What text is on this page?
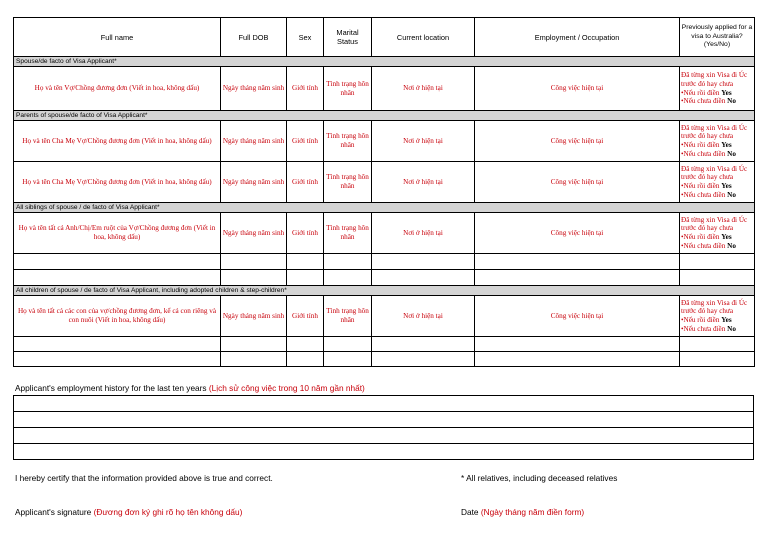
Full name	Full DOB	Sex	Marital Status	Current location	Employment / Occupation	Previously applied for a visa to Australia? (Yes/No)
Spouse/de facto of Visa Applicant*						
Họ và tên Vợ/Chồng đương đơn (Viết in hoa, không dấu)	Ngày tháng năm sinh	Giới tính	Tình trạng hôn nhân	Nơi ở hiện tại	Công việc hiện tại	Đã từng xin Visa đi Úc trước đó hay chưa
•Nếu rồi điền Yes
•Nếu chưa điền No
Parents of spouse/de facto of Visa Applicant*						
Họ và tên Cha Mẹ Vợ/Chồng đương đơn (Viết in hoa, không dấu)	Ngày tháng năm sinh	Giới tính	Tình trạng hôn nhân	Nơi ở hiện tại	Công việc hiện tại	Đã từng xin Visa đi Úc trước đó hay chưa
•Nếu rồi điền Yes
•Nếu chưa điền No
Họ và tên Cha Mẹ Vợ/Chồng đương đơn (Viết in hoa, không dấu)	Ngày tháng năm sinh	Giới tính	Tình trạng hôn nhân	Nơi ở hiện tại	Công việc hiện tại	Đã từng xin Visa đi Úc trước đó hay chưa
•Nếu rồi điền Yes
•Nếu chưa điền No
All siblings of spouse / de facto of Visa Applicant*						
Họ và tên tất cả Anh/Chị/Em ruột của Vợ/Chồng đương đơn (Viết in hoa, không dấu)	Ngày tháng năm sinh	Giới tính	Tình trạng hôn nhân	Nơi ở hiện tại	Công việc hiện tại	Đã từng xin Visa đi Úc trước đó hay chưa
•Nếu rồi điền Yes
•Nếu chưa điền No

All children of spouse / de facto of Visa Applicant, including adopted children & step-children*						
Họ và tên tất cả các con của vợ/chồng đương đơn, kể cả con riêng và con nuôi (Viết in hoa, không dấu)	Ngày tháng năm sinh	Giới tính	Tình trạng hôn nhân	Nơi ở hiện tại	Công việc hiện tại	Đã từng xin Visa đi Úc trước đó hay chưa
•Nếu rồi điền Yes
•Nếu chưa điền No

Applicant's employment history for the last ten years (Lịch sử công việc trong 10 năm gần nhất)

I hereby certify that the information provided above is true and correct.	* All relatives, including deceased relatives
Applicant's signature (Đương đơn ký ghi rõ họ tên không dấu)	Date (Ngày tháng năm điền form)
